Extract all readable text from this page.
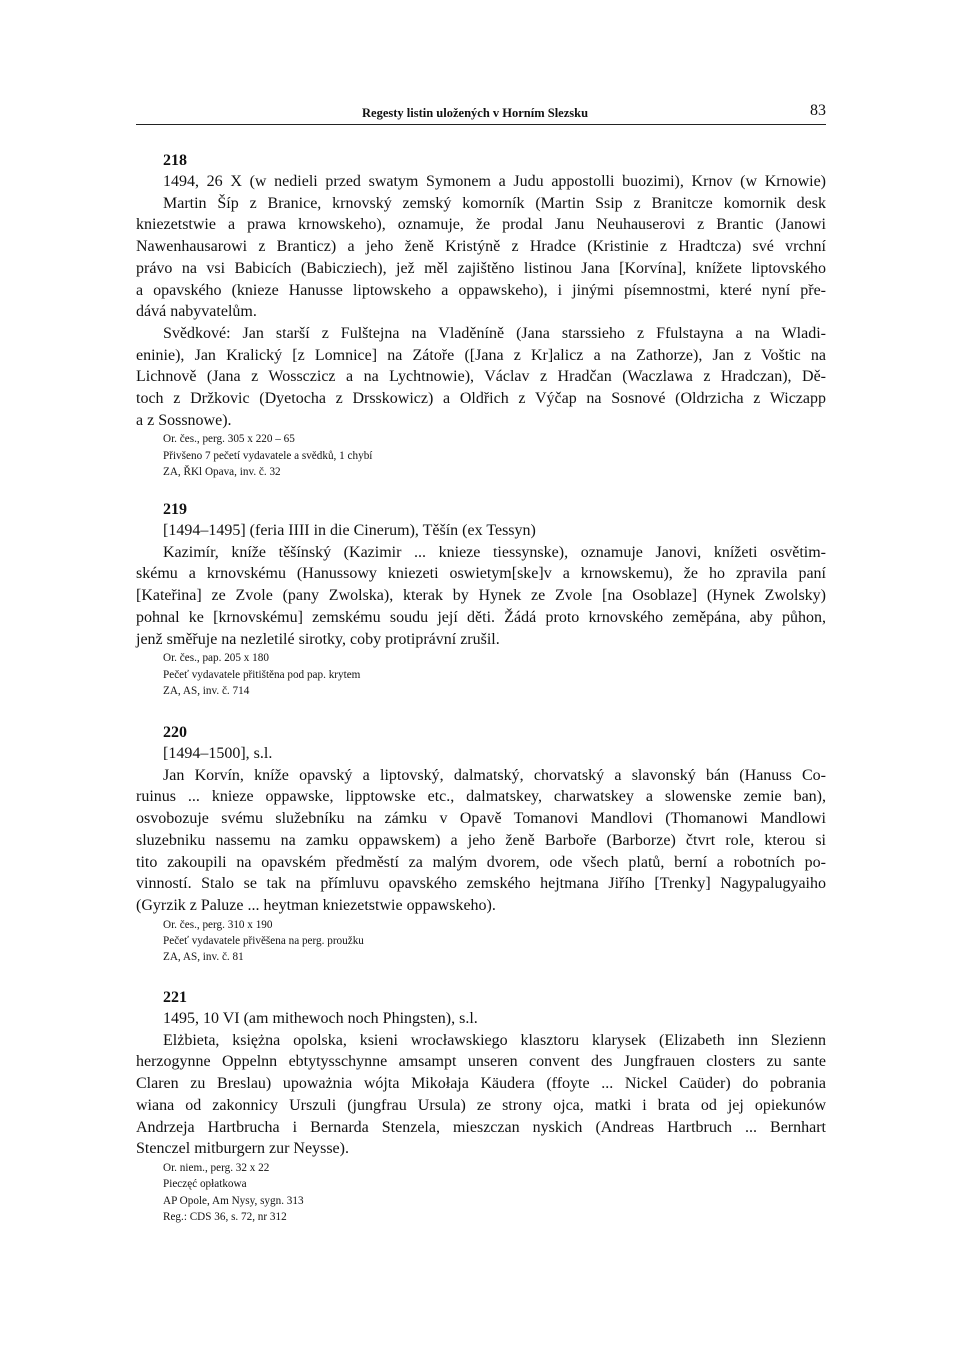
Regesty listin uložených v Horním Slezsku	83
218
1494, 26 X (w nedieli przed swatym Symonem a Judu appostolli buozimi), Krnov (w Krnowie)
Martin Šíp z Branice, krnovský zemský komorník (Martin Ssip z Branitcze komornik desk
kniezetstwie a prawa krnowskeho), oznamuje, že prodal Janu Neuhauserovi z Brantic (Janowi
Nawenhausarowi z Branticz) a jeho ženě Kristýně z Hradce (Kristinie z Hradtcza) své vrchní
právo na vsi Babicích (Babicziech), jež měl zajištěno listinou Jana [Korvína], knížete liptovského
a opavského (knieze Hanusse liptowskeho a oppawskeho), i jinými písemnostmi, které nyní pře-
dává nabyvatelům.
Svědkové: Jan starší z Fulštejna na Vladěníně (Jana starssieho z Ffulstayna a na Wladi-
eninie), Jan Kralický [z Lomnice] na Zátoře ([Jana z Kr]alicz a na Zathorze), Jan z Voštic na
Lichnově (Jana z Wossczicz a na Lychtnowie), Václav z Hradčan (Waczlawa z Hradczan), Dě-
toch z Držkovic (Dyetocha z Drsskowicz) a Oldřich z Výčap na Sosnové (Oldrzicha z Wiczapp
a z Sossnowe).
Or. čes., perg. 305 x 220 – 65
Přivšeno 7 pečetí vydavatele a svědků, 1 chybí
ZA, ŘKl Opava, inv. č. 32
219
[1494–1495] (feria IIII in die Cinerum), Těšín (ex Tessyn)
Kazimír, kníže těšínský (Kazimir ... knieze tiessynske), oznamuje Janovi, knížeti osvětim-
skému a krnovskému (Hanussowy kniezeti oswietym[ske]v a krnowskemu), že ho zpravila paní
[Kateřina] ze Zvole (pany Zwolska), kterak by Hynek ze Zvole [na Osoblaze] (Hynek Zwolsky)
pohnal ke [krnovskému] zemskému soudu její děti. Žádá proto krnovského zeměpána, aby půhon,
jenž směřuje na nezletilé sirotky, coby protiprávní zrušil.
Or. čes., pap. 205 x 180
Pečeť vydavatele přitištěna pod pap. krytem
ZA, AS, inv. č. 714
220
[1494–1500], s.l.
Jan Korvín, kníže opavský a liptovský, dalmatský, chorvatský a slavonský bán (Hanuss Co-
ruinus ... knieze oppawske, lipptowske etc., dalmatskey, charwatskey a slowenske zemie ban),
osvobozuje svému služebníku na zámku v Opavě Tomanovi Mandlovi (Thomanowi Mandlowi
sluzebniku nassemu na zamku oppawskem) a jeho ženě Barboře (Barborze) čtvrt role, kterou si
tito zakoupili na opavském předměstí za malým dvorem, ode všech platů, berní a robotních po-
vinností. Stalo se tak na přímluvu opavského zemského hejtmana Jiřího [Trenky] Nagypalugyaiho
(Gyrzik z Paluze ... heytman kniezetstwie oppawskeho).
Or. čes., perg. 310 x 190
Pečeť vydavatele přivěšena na perg. proužku
ZA, AS, inv. č. 81
221
1495, 10 VI (am mithewoch noch Phingsten), s.l.
Elżbieta, księżna opolska, ksieni wrocławskiego klasztoru klarysek (Elizabeth inn Slezienn
herzogynne Oppelnn ebtytysschynne amsampt unseren convent des Jungfrauen closters zu sante
Claren zu Breslau) upoważnia wójta Mikołaja Käudera (ffoyte ... Nickel Caüder) do pobrania
wiana od zakonnicy Urszuli (jungfrau Ursula) ze strony ojca, matki i brata od jej opiekunów
Andrzeja Hartbrucha i Bernarda Stenzela, mieszczan nyskich (Andreas Hartbruch ... Bernhart
Stenczel mitburgern zur Neysse).
Or. niem., perg. 32 x 22
Pieczęć opłatkowa
AP Opole, Am Nysy, sygn. 313
Reg.: CDS 36, s. 72, nr 312
